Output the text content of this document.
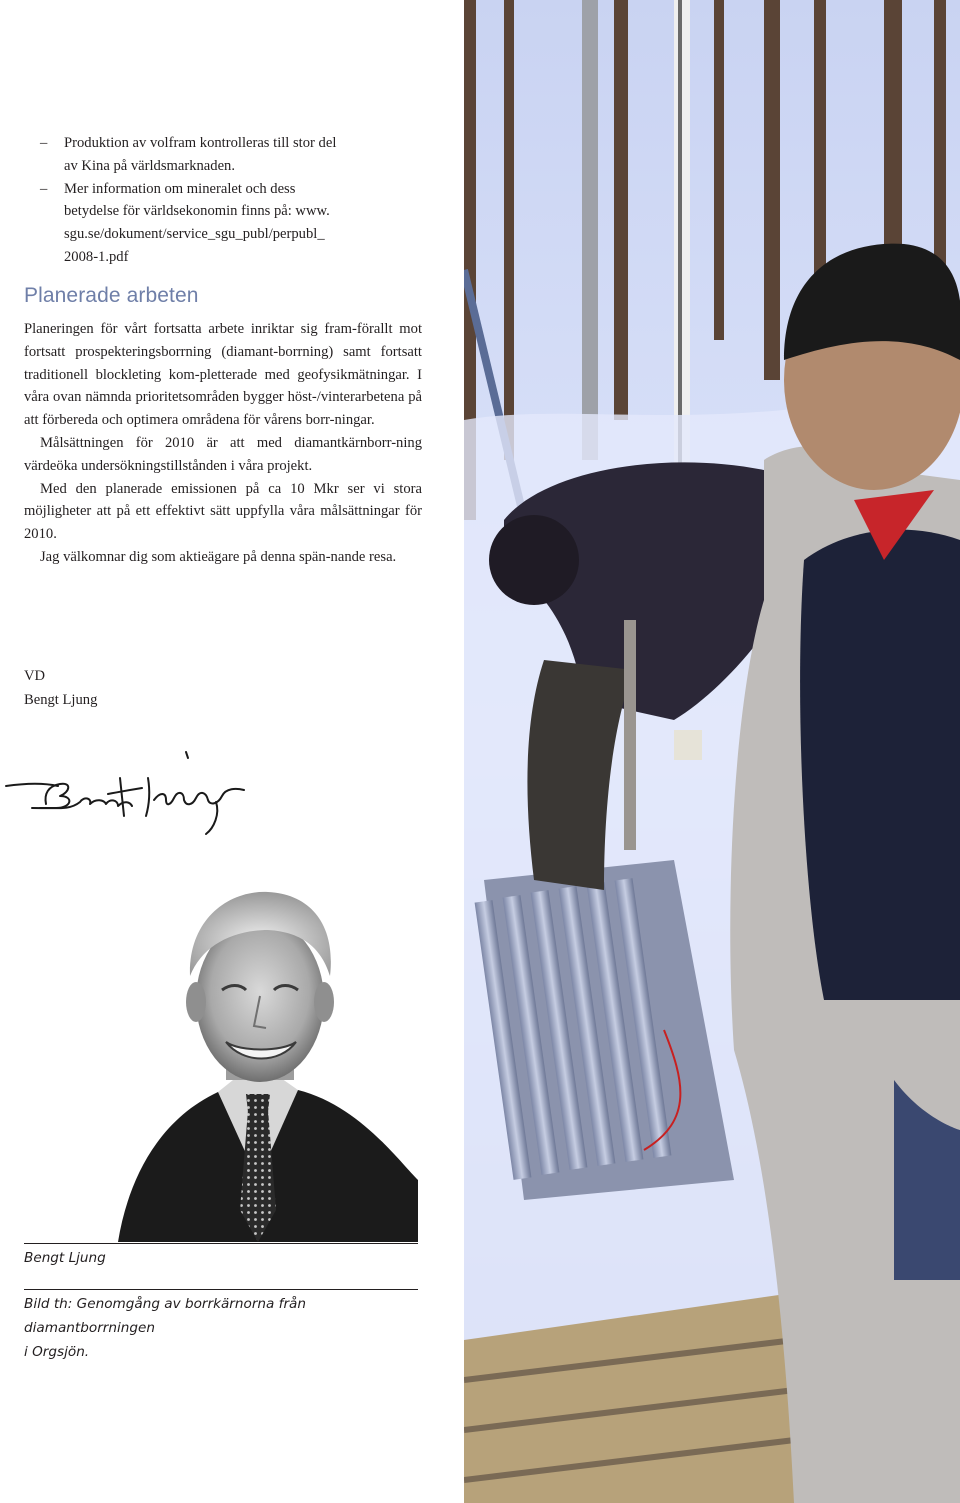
– Produktion av volfram kontrolleras till stor del
av Kina på världsmarknaden.
– Mer information om mineralet och dess
betydelse för världsekonomin finns på: www.
sgu.se/dokument/service_sgu_publ/perpubl_
2008-1.pdf
Planerade arbeten

Planeringen för vårt fortsatta arbete inriktar sig fram-förallt mot fortsatt prospekteringsborrning (diamant-borrning) samt fortsatt traditionell blockleting kom-pletterade med geofysikmätningar. I våra ovan nämnda prioritetsområden bygger höst-/vinterarbetena på att förbereda och optimera områdena för vårens borr-ningar.

Målsättningen för 2010 är att med diamantkärnborr-ning värdeöka undersökningstillstånden i våra projekt.

Med den planerade emissionen på ca 10 Mkr ser vi stora möjligheter att på ett effektivt sätt uppfylla våra målsättningar för 2010.

Jag välkomnar dig som aktieägare på denna spän-nande resa.

VD
Bengt Ljung
Bengt Ljung
Bild th: Genomgång av borrkärnorna från diamantborrningen
i Orgsjön.
